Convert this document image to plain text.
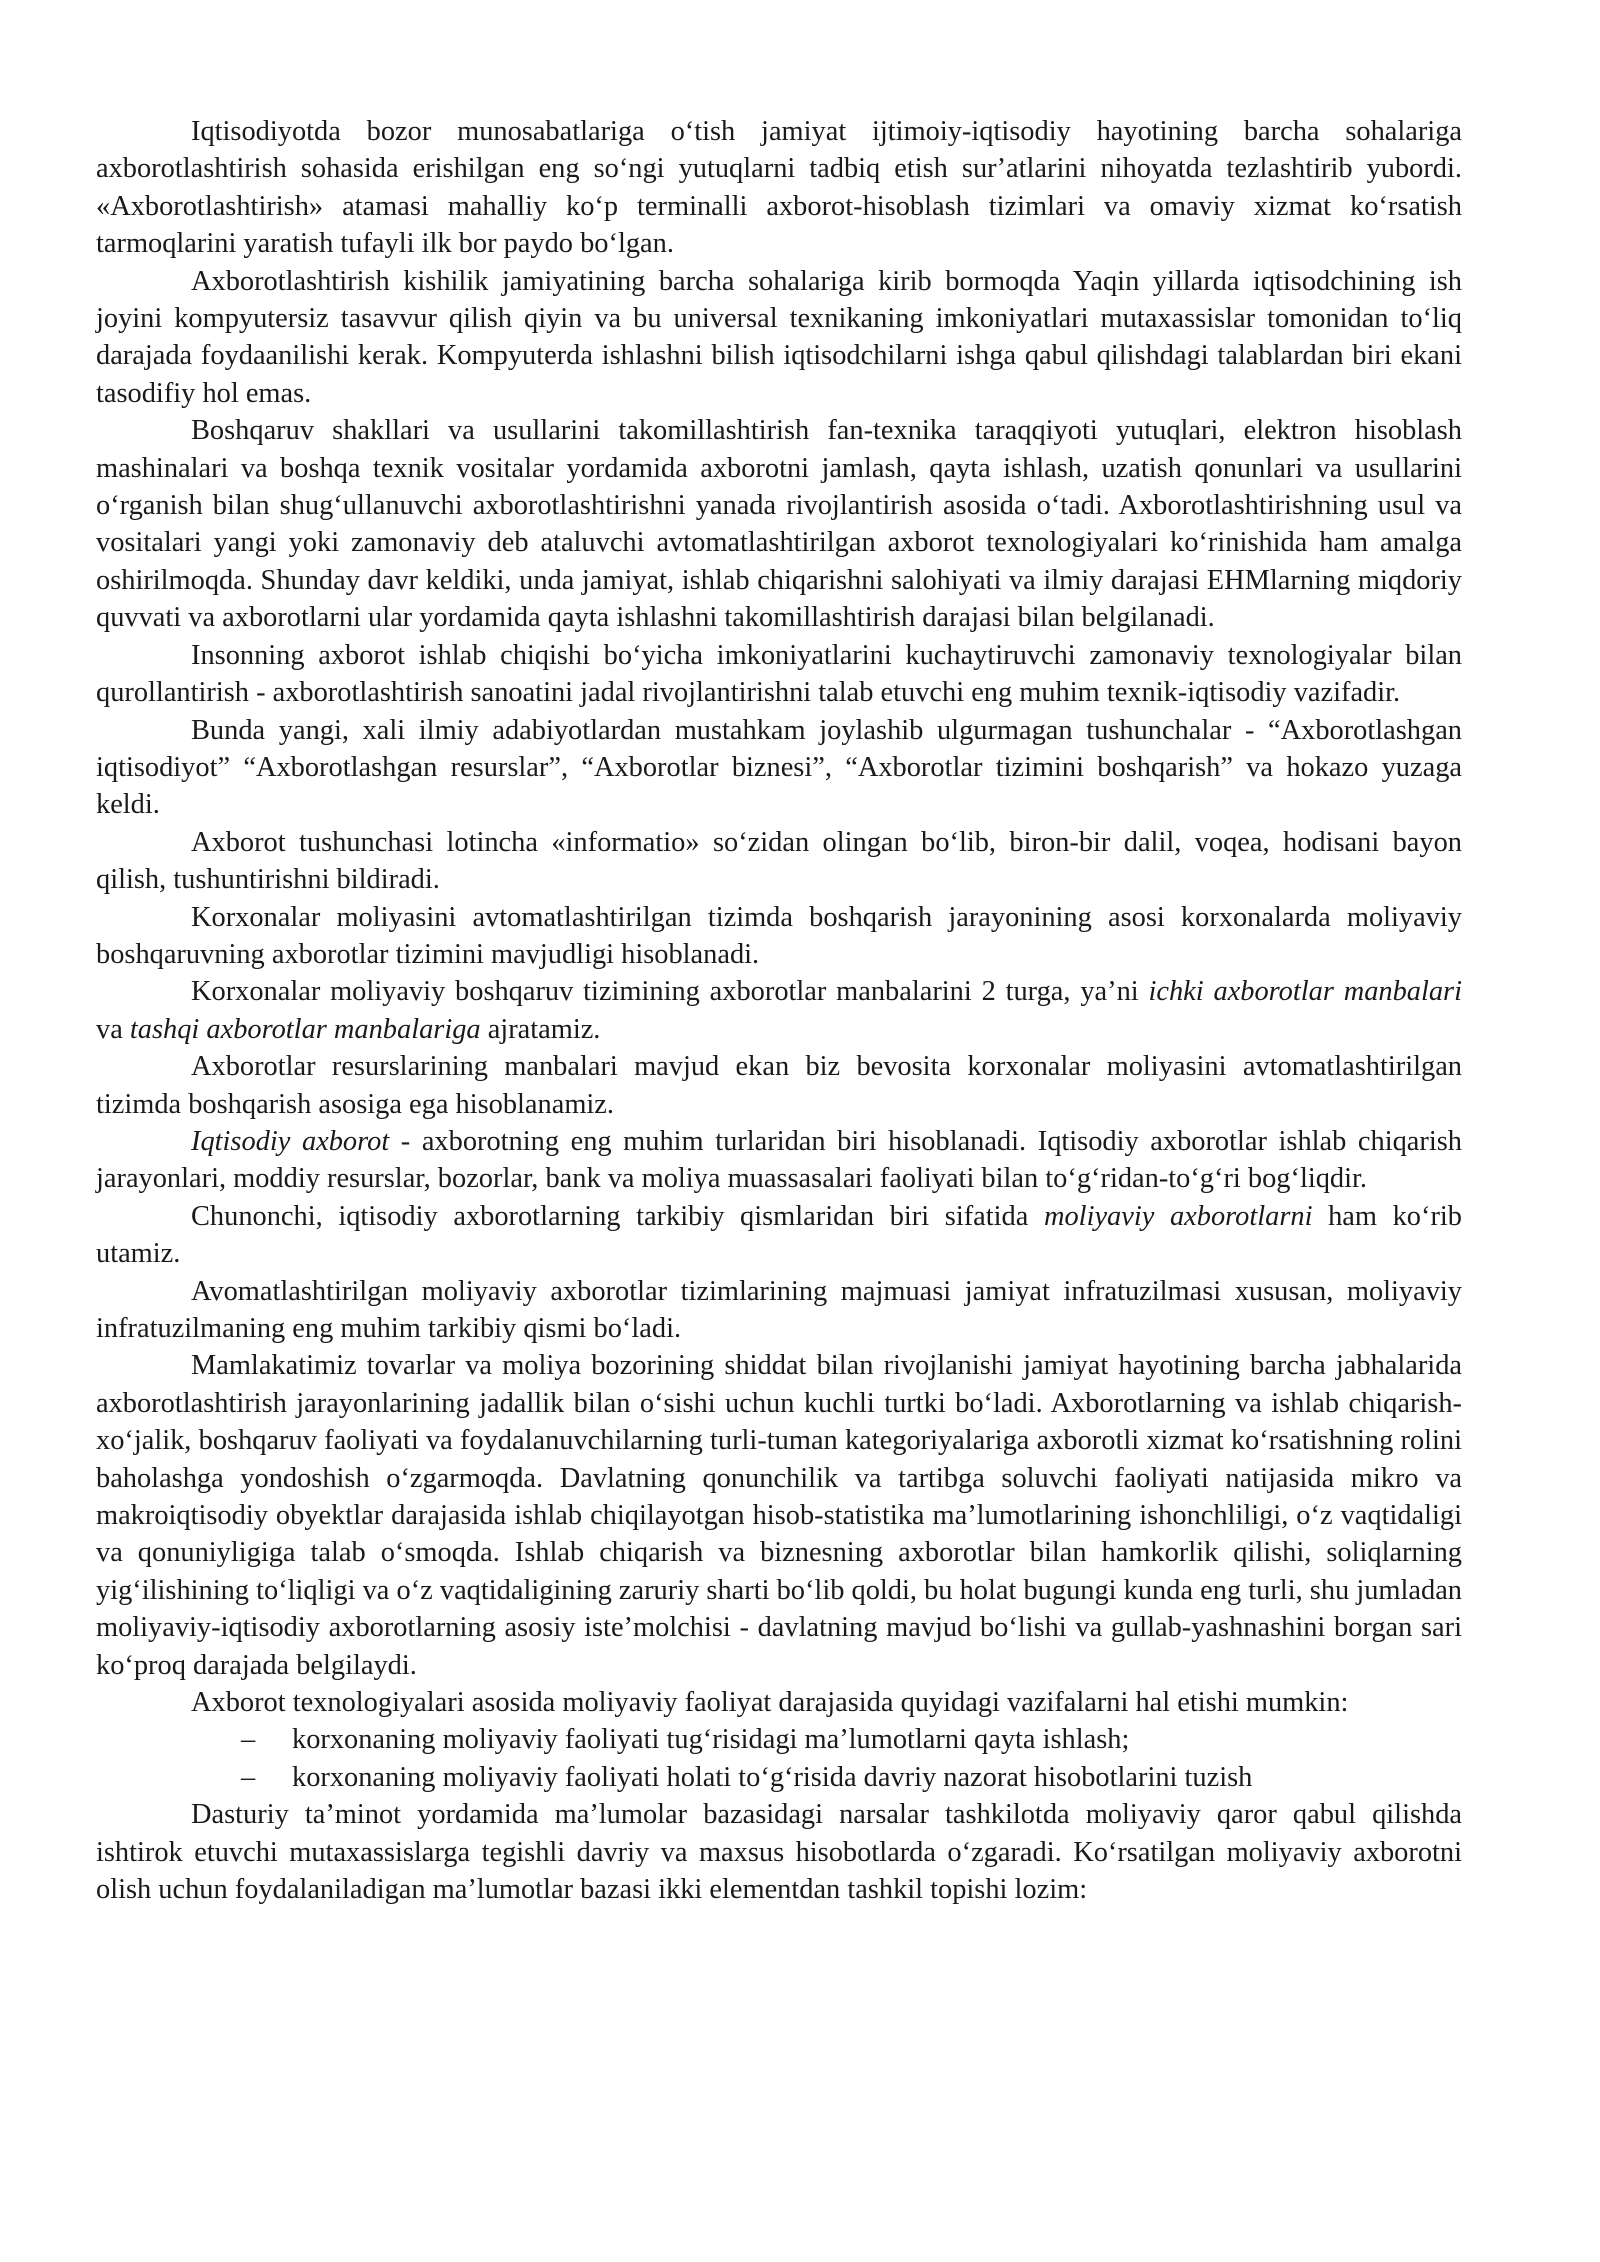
Iqtisodiyotda bozor munosabatlariga oʻtish jamiyat ijtimoiy-iqtisodiy hayotining barcha sohalariga axborotlashtirish sohasida erishilgan eng soʻngi yutuqlarni tadbiq etish surʼatlarini nihoyatda tezlashtirib yubordi. «Axborotlashtirish» atamasi mahalliy koʻp terminalli axborot-hisoblash tizimlari va omaviy xizmat koʻrsatish tarmoqlarini yaratish tufayli ilk bor paydo boʻlgan.

Axborotlashtirish kishilik jamiyatining barcha sohalariga kirib bormoqda Yaqin yillarda iqtisodchining ish joyini kompyutersiz tasavvur qilish qiyin va bu universal texnikaning imkoniyatlari mutaxassislar tomonidan toʻliq darajada foydaanilishi kerak. Kompyuterda ishlashni bilish iqtisodchilarni ishga qabul qilishdagi talablardan biri ekani tasodifiy hol emas.

Boshqaruv shakllari va usullarini takomillashtirish fan-texnika taraqqiyoti yutuqlari, elektron hisoblash mashinalari va boshqa texnik vositalar yordamida axborotni jamlash, qayta ishlash, uzatish qonunlari va usullarini oʻrganish bilan shugʻullanuvchi axborotlashtirishni yanada rivojlantirish asosida oʻtadi. Axborotlashtirishning usul va vositalari yangi yoki zamonaviy deb ataluvchi avtomatlashtirilgan axborot texnologiyalari koʻrinishida ham amalga oshirilmoqda. Shunday davr keldiki, unda jamiyat, ishlab chiqarishni salohiyati va ilmiy darajasi EHMlarning miqdoriy quvvati va axborotlarni ular yordamida qayta ishlashni takomillashtirish darajasi bilan belgilanadi.

Insonning axborot ishlab chiqishi boʻyicha imkoniyatlarini kuchaytiruvchi zamonaviy texnologiyalar bilan qurollantirish - axborotlashtirish sanoatini jadal rivojlantirishni talab etuvchi eng muhim texnik-iqtisodiy vazifadir.

Bunda yangi, xali ilmiy adabiyotlardan mustahkam joylashib ulgurmagan tushunchalar - “Axborotlashgan iqtisodiyot” “Axborotlashgan resurslar”, “Axborotlar biznesi”, “Axborotlar tizimini boshqarish” va hokazo yuzaga keldi.

Axborot tushunchasi lotincha «informatio» soʻzidan olingan boʻlib, biron-bir dalil, voqea, hodisani bayon qilish, tushuntirishni bildiradi.

Korxonalar moliyasini avtomatlashtirilgan tizimda boshqarish jarayonining asosi korxonalarda moliyaviy boshqaruvning axborotlar tizimini mavjudligi hisoblanadi.

Korxonalar moliyaviy boshqaruv tizimining axborotlar manbalarini 2 turga, yaʼni ichki axborotlar manbalari va tashqi axborotlar manbalariga ajratamiz.

Axborotlar resurslarining manbalari mavjud ekan biz bevosita korxonalar moliyasini avtomatlashtirilgan tizimda boshqarish asosiga ega hisoblanamiz.

Iqtisodiy axborot - axborotning eng muhim turlaridan biri hisoblanadi. Iqtisodiy axborotlar ishlab chiqarish jarayonlari, moddiy resurslar, bozorlar, bank va moliya muassasalari faoliyati bilan toʻgʻridan-toʻgʻri bogʻliqdir.

Chunonchi, iqtisodiy axborotlarning tarkibiy qismlaridan biri sifatida moliyaviy axborotlarni ham koʻrib utamiz.

Avomatlashtirilgan moliyaviy axborotlar tizimlarining majmuasi jamiyat infratuzilmasi xususan, moliyaviy infratuzilmaning eng muhim tarkibiy qismi boʻladi.

Mamlakatimiz tovarlar va moliya bozorining shiddat bilan rivojlanishi jamiyat hayotining barcha jabhalarida axborotlashtirish jarayonlarining jadallik bilan oʻsishi uchun kuchli turtki boʻladi. Axborotlarning va ishlab chiqarish-xoʻjalik, boshqaruv faoliyati va foydalanuvchilarning turli-tuman kategoriyalariga axborotli xizmat koʻrsatishning rolini baholashga yondoshish oʻzgarmoqda. Davlatning qonunchilik va tartibga soluvchi faoliyati natijasida mikro va makroiqtisodiy obyektlar darajasida ishlab chiqilayotgan hisob-statistika maʼlumotlarining ishonchliligi, oʻz vaqtidaligi va qonuniyligiga talab oʻsmoqda. Ishlab chiqarish va biznesning axborotlar bilan hamkorlik qilishi, soliqlarning yigʻilishining toʻliqligi va oʻz vaqtidaligining zaruriy sharti boʻlib qoldi, bu holat bugungi kunda eng turli, shu jumladan moliyaviy-iqtisodiy axborotlarning asosiy isteʼmolchisi - davlatning mavjud boʻlishi va gullab-yashnashini borgan sari koʻproq darajada belgilaydi.

Axborot texnologiyalari asosida moliyaviy faoliyat darajasida quyidagi vazifalarni hal etishi mumkin:

– korxonaning moliyaviy faoliyati tugʻrisidagi maʼlumotlarni qayta ishlash;
– korxonaning moliyaviy faoliyati holati toʻgʻrisida davriy nazorat hisobotlarini tuzish

Dasturiy taʼminot yordamida maʼlumolar bazasidagi narsalar tashkilotda moliyaviy qaror qabul qilishda ishtirok etuvchi mutaxassislarga tegishli davriy va maxsus hisobotlarda oʻzgaradi. Koʻrsatilgan moliyaviy axborotni olish uchun foydalaniladigan maʼlumotlar bazasi ikki elementdan tashkil topishi lozim:
